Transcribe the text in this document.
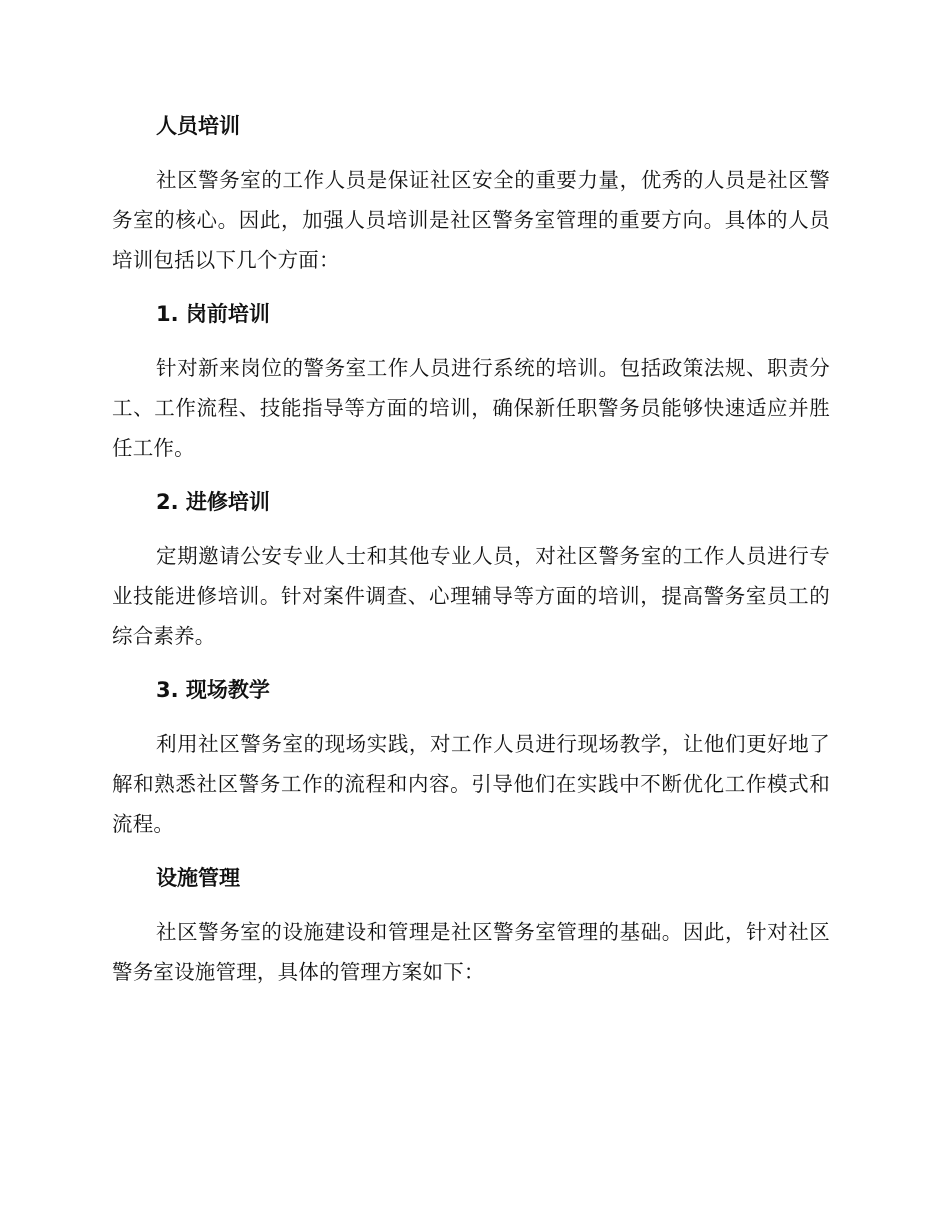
人员培训

社区警务室的工作人员是保证社区安全的重要力量，优秀的人员是社区警务室的核心。因此，加强人员培训是社区警务室管理的重要方向。具体的人员培训包括以下几个方面：

1. 岗前培训

针对新来岗位的警务室工作人员进行系统的培训。包括政策法规、职责分工、工作流程、技能指导等方面的培训，确保新任职警务员能够快速适应并胜任工作。

2. 进修培训

定期邀请公安专业人士和其他专业人员，对社区警务室的工作人员进行专业技能进修培训。针对案件调查、心理辅导等方面的培训，提高警务室员工的综合素养。

3. 现场教学

利用社区警务室的现场实践，对工作人员进行现场教学，让他们更好地了解和熟悉社区警务工作的流程和内容。引导他们在实践中不断优化工作模式和流程。

设施管理

社区警务室的设施建设和管理是社区警务室管理的基础。因此，针对社区警务室设施管理，具体的管理方案如下：
